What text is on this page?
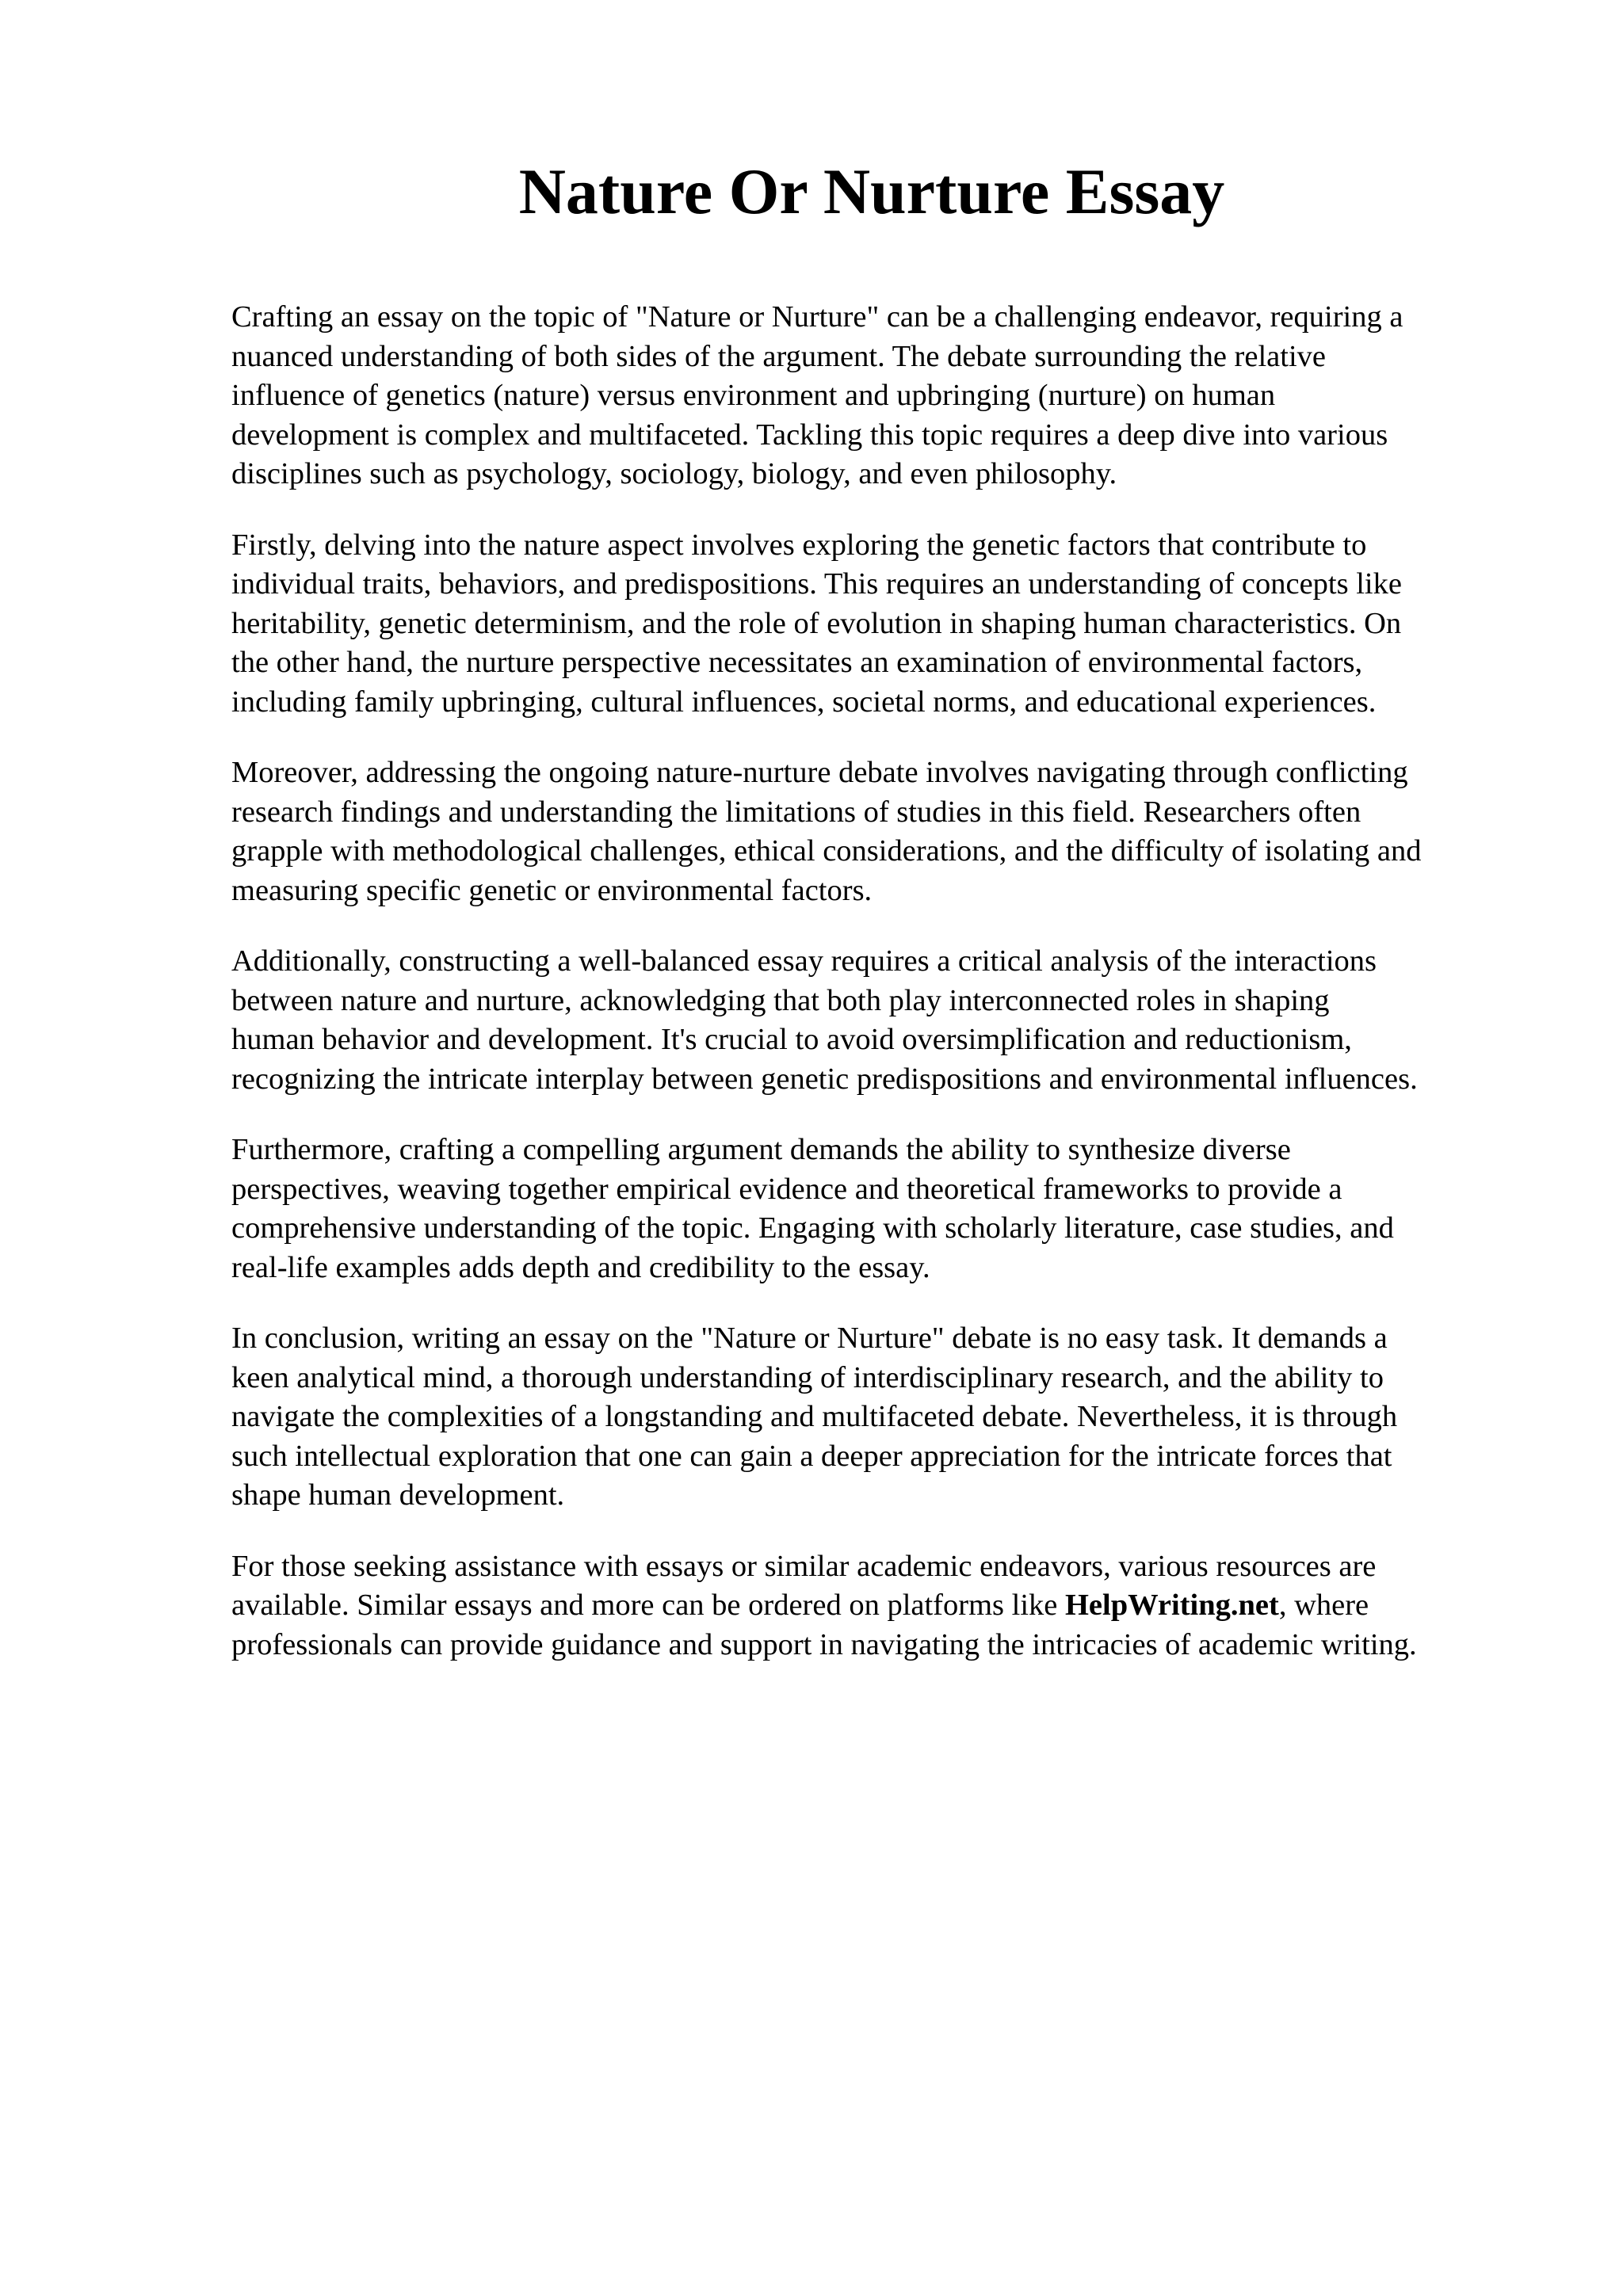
Nature Or Nurture Essay

Crafting an essay on the topic of "Nature or Nurture" can be a challenging endeavor, requiring a
nuanced understanding of both sides of the argument. The debate surrounding the relative
influence of genetics (nature) versus environment and upbringing (nurture) on human
development is complex and multifaceted. Tackling this topic requires a deep dive into various
disciplines such as psychology, sociology, biology, and even philosophy.

Firstly, delving into the nature aspect involves exploring the genetic factors that contribute to
individual traits, behaviors, and predispositions. This requires an understanding of concepts like
heritability, genetic determinism, and the role of evolution in shaping human characteristics. On
the other hand, the nurture perspective necessitates an examination of environmental factors,
including family upbringing, cultural influences, societal norms, and educational experiences.

Moreover, addressing the ongoing nature-nurture debate involves navigating through conflicting
research findings and understanding the limitations of studies in this field. Researchers often
grapple with methodological challenges, ethical considerations, and the difficulty of isolating and
measuring specific genetic or environmental factors.

Additionally, constructing a well-balanced essay requires a critical analysis of the interactions
between nature and nurture, acknowledging that both play interconnected roles in shaping
human behavior and development. It's crucial to avoid oversimplification and reductionism,
recognizing the intricate interplay between genetic predispositions and environmental influences.

Furthermore, crafting a compelling argument demands the ability to synthesize diverse
perspectives, weaving together empirical evidence and theoretical frameworks to provide a
comprehensive understanding of the topic. Engaging with scholarly literature, case studies, and
real-life examples adds depth and credibility to the essay.

In conclusion, writing an essay on the "Nature or Nurture" debate is no easy task. It demands a
keen analytical mind, a thorough understanding of interdisciplinary research, and the ability to
navigate the complexities of a longstanding and multifaceted debate. Nevertheless, it is through
such intellectual exploration that one can gain a deeper appreciation for the intricate forces that
shape human development.

For those seeking assistance with essays or similar academic endeavors, various resources are
available. Similar essays and more can be ordered on platforms like HelpWriting.net, where
professionals can provide guidance and support in navigating the intricacies of academic writing.
